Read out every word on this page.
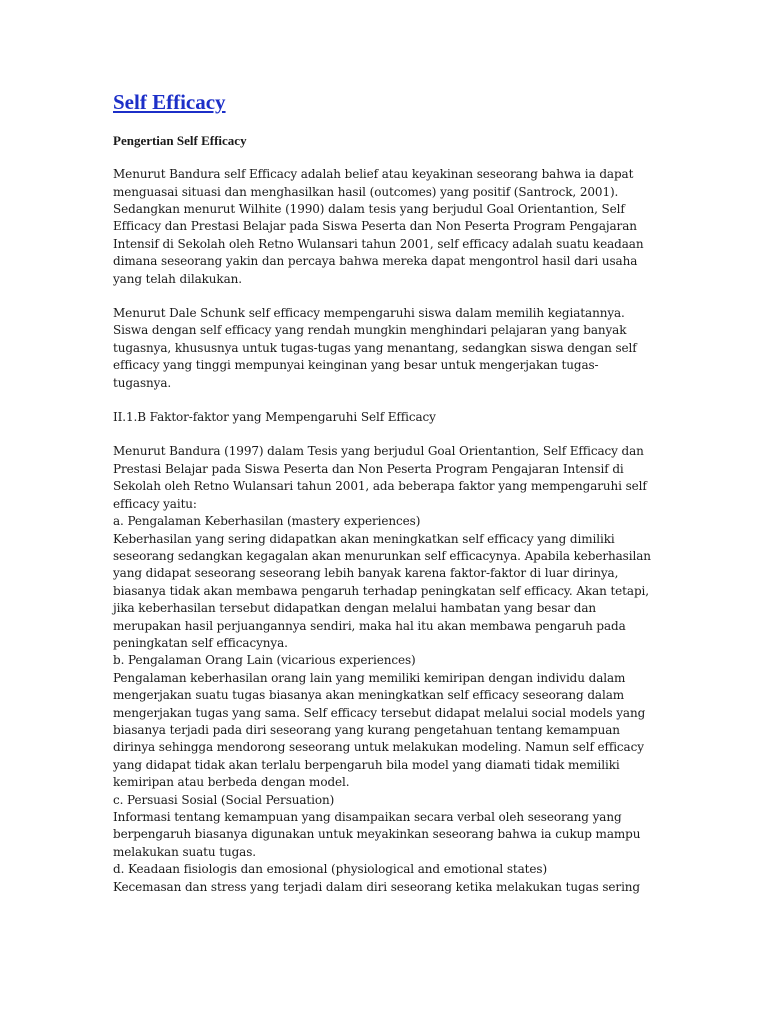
Self Efficacy
Pengertian Self Efficacy
Menurut Bandura self Efficacy adalah belief atau keyakinan seseorang bahwa ia dapat
menguasai situasi dan menghasilkan hasil (outcomes) yang positif (Santrock, 2001).
Sedangkan menurut Wilhite (1990) dalam tesis yang berjudul Goal Orientantion, Self
Efficacy dan Prestasi Belajar pada Siswa Peserta dan Non Peserta Program Pengajaran
Intensif di Sekolah oleh Retno Wulansari tahun 2001, self efficacy adalah suatu keadaan
dimana seseorang yakin dan percaya bahwa mereka dapat mengontrol hasil dari usaha
yang telah dilakukan.
Menurut Dale Schunk self efficacy mempengaruhi siswa dalam memilih kegiatannya.
Siswa dengan self efficacy yang rendah mungkin menghindari pelajaran yang banyak
tugasnya, khususnya untuk tugas-tugas yang menantang, sedangkan siswa dengan self
efficacy yang tinggi mempunyai keinginan yang besar untuk mengerjakan tugas-
tugasnya.
II.1.B Faktor-faktor yang Mempengaruhi Self Efficacy
Menurut Bandura (1997) dalam Tesis yang berjudul Goal Orientantion, Self Efficacy dan
Prestasi Belajar pada Siswa Peserta dan Non Peserta Program Pengajaran Intensif di
Sekolah oleh Retno Wulansari tahun 2001, ada beberapa faktor yang mempengaruhi self
efficacy yaitu:
a. Pengalaman Keberhasilan (mastery experiences)
Keberhasilan yang sering didapatkan akan meningkatkan self efficacy yang dimiliki
seseorang sedangkan kegagalan akan menurunkan self efficacynya. Apabila keberhasilan
yang didapat seseorang seseorang lebih banyak karena faktor-faktor di luar dirinya,
biasanya tidak akan membawa pengaruh terhadap peningkatan self efficacy. Akan tetapi,
jika keberhasilan tersebut didapatkan dengan melalui hambatan yang besar dan
merupakan hasil perjuangannya sendiri, maka hal itu akan membawa pengaruh pada
peningkatan self efficacynya.
b. Pengalaman Orang Lain (vicarious experiences)
Pengalaman keberhasilan orang lain yang memiliki kemiripan dengan individu dalam
mengerjakan suatu tugas biasanya akan meningkatkan self efficacy seseorang dalam
mengerjakan tugas yang sama. Self efficacy tersebut didapat melalui social models yang
biasanya terjadi pada diri seseorang yang kurang pengetahuan tentang kemampuan
dirinya sehingga mendorong seseorang untuk melakukan modeling. Namun self efficacy
yang didapat tidak akan terlalu berpengaruh bila model yang diamati tidak memiliki
kemiripan atau berbeda dengan model.
c. Persuasi Sosial (Social Persuation)
Informasi tentang kemampuan yang disampaikan secara verbal oleh seseorang yang
berpengaruh biasanya digunakan untuk meyakinkan seseorang bahwa ia cukup mampu
melakukan suatu tugas.
d. Keadaan fisiologis dan emosional (physiological and emotional states)
Kecemasan dan stress yang terjadi dalam diri seseorang ketika melakukan tugas sering
